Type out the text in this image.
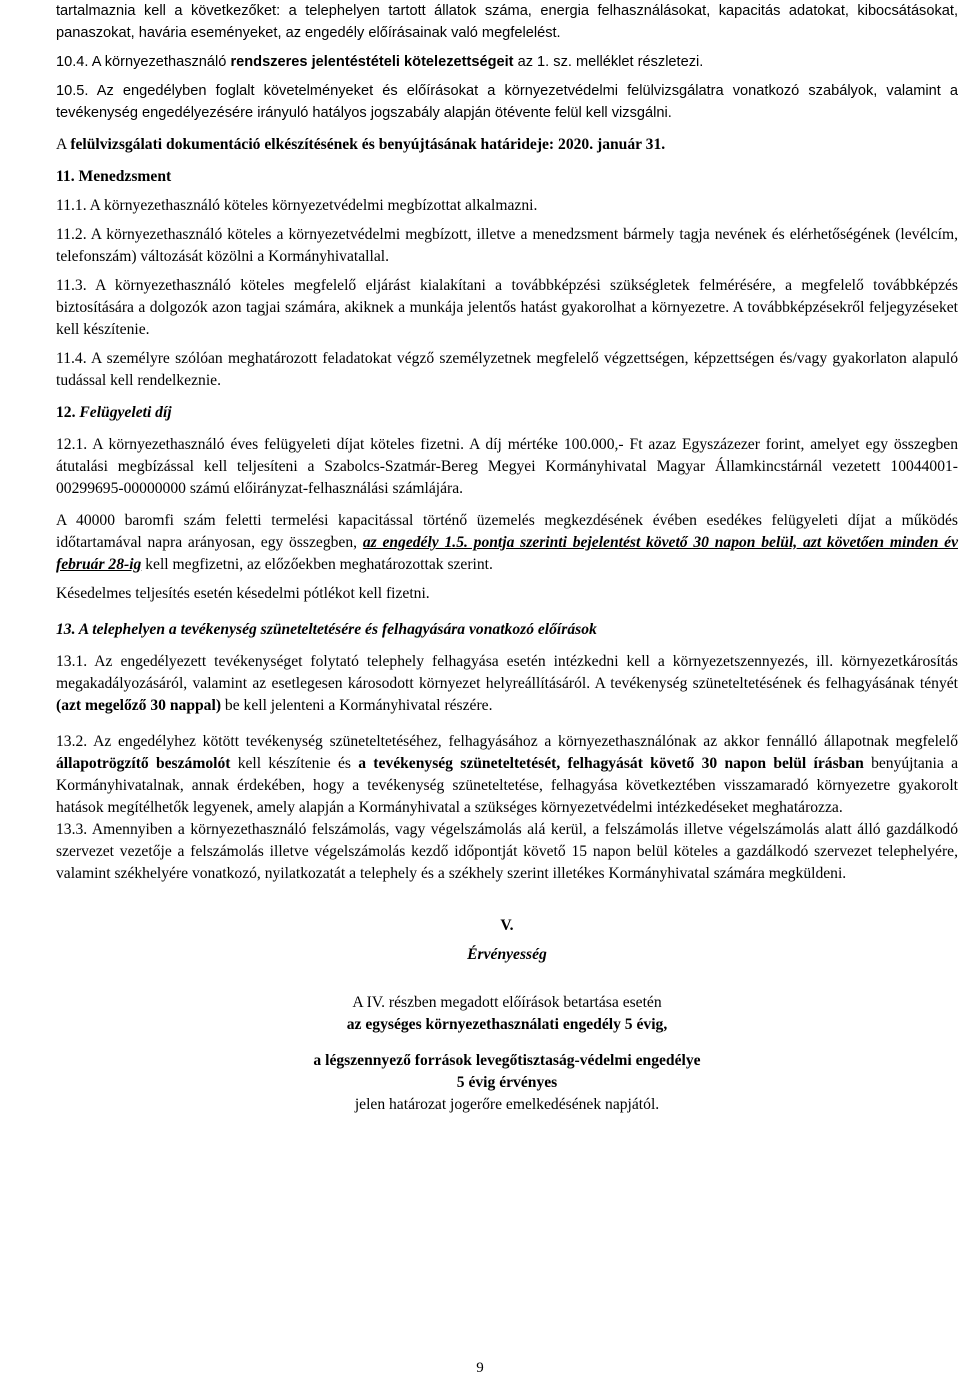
tartalmaznia kell a következőket: a telephelyen tartott állatok száma, energia felhasználásokat, kapacitás adatokat, kibocsátásokat, panaszokat, havária eseményeket, az engedély előírásainak való megfelelést.

10.4. A környezethasználó rendszeres jelentéstételi kötelezettségeit az 1. sz. melléklet részletezi.

10.5. Az engedélyben foglalt követelményeket és előírásokat a környezetvédelmi felülvizsgálatra vonatkozó szabályok, valamint a tevékenység engedélyezésére irányuló hatályos jogszabály alapján ötévente felül kell vizsgálni.

A felülvizsgálati dokumentáció elkészítésének és benyújtásának határideje: 2020. január 31.

11. Menedzsment

11.1. A környezethasználó köteles környezetvédelmi megbízottat alkalmazni.

11.2. A környezethasználó köteles a környezetvédelmi megbízott, illetve a menedzsment bármely tagja nevének és elérhetőségének (levélcím, telefonszám) változását közölni a Kormányhivatallal.

11.3. A környezethasználó köteles megfelelő eljárást kialakítani a továbbképzési szükségletek felmérésére, a megfelelő továbbképzés biztosítására a dolgozók azon tagjai számára, akiknek a munkája jelentős hatást gyakorolhat a környezetre. A továbbképzésekről feljegyzéseket kell készítenie.

11.4. A személyre szólóan meghatározott feladatokat végző személyzetnek megfelelő végzettségen, képzettségen és/vagy gyakorlaton alapuló tudással kell rendelkeznie.

12. Felügyeleti díj

12.1. A környezethasználó éves felügyeleti díjat köteles fizetni. A díj mértéke 100.000,- Ft azaz Egyszázezer forint, amelyet egy összegben átutalási megbízással kell teljesíteni a Szabolcs-Szatmár-Bereg Megyei Kormányhivatal Magyar Államkincstárnál vezetett 10044001-00299695-00000000 számú előirányzat-felhasználási számlájára.

A 40000 baromfi szám feletti termelési kapacitással történő üzemelés megkezdésének évében esedékes felügyeleti díjat a működés időtartamával napra arányosan, egy összegben, az engedély 1.5. pontja szerinti bejelentést követő 30 napon belül, azt követően minden év február 28-ig kell megfizetni, az előzőekben meghatározottak szerint.

Késedelmes teljesítés esetén késedelmi pótlékot kell fizetni.

13. A telephelyen a tevékenység szüneteltetésére és felhagyására vonatkozó előírások

13.1. Az engedélyezett tevékenységet folytató telephely felhagyása esetén intézkedni kell a környezetszennyezés, ill. környezetkárosítás megakadályozásáról, valamint az esetlegesen károsodott környezet helyreállításáról. A tevékenység szüneteltetésének és felhagyásának tényét (azt megelőző 30 nappal) be kell jelenteni a Kormányhivatal részére.

13.2. Az engedélyhez kötött tevékenység szüneteltetéséhez, felhagyásához a környezethasználónak az akkor fennálló állapotnak megfelelő állapotrögzítő beszámolót kell készítenie és a tevékenység szüneteltetését, felhagyását követő 30 napon belül írásban benyújtania a Kormányhivatalnak, annak érdekében, hogy a tevékenység szüneteltetése, felhagyása következtében visszamaradó környezetre gyakorolt hatások megítélhetők legyenek, amely alapján a Kormányhivatal a szükséges környezetvédelmi intézkedéseket meghatározza.

13.3. Amennyiben a környezethasználó felszámolás, vagy végelszámolás alá kerül, a felszámolás illetve végelszámolás alatt álló gazdálkodó szervezet vezetője a felszámolás illetve végelszámolás kezdő időpontját követő 15 napon belül köteles a gazdálkodó szervezet telephelyére, valamint székhelyére vonatkozó, nyilatkozatát a telephely és a székhely szerint illetékes Kormányhivatal számára megküldeni.

V.

Érvényesség

A IV. részben megadott előírások betartása esetén

az egységes környezethasználati engedély 5 évig,

a légszennyező források levegőtisztaság-védelmi engedélye

5 évig érvényes

jelen határozat jogerőre emelkedésének napjától.

9
